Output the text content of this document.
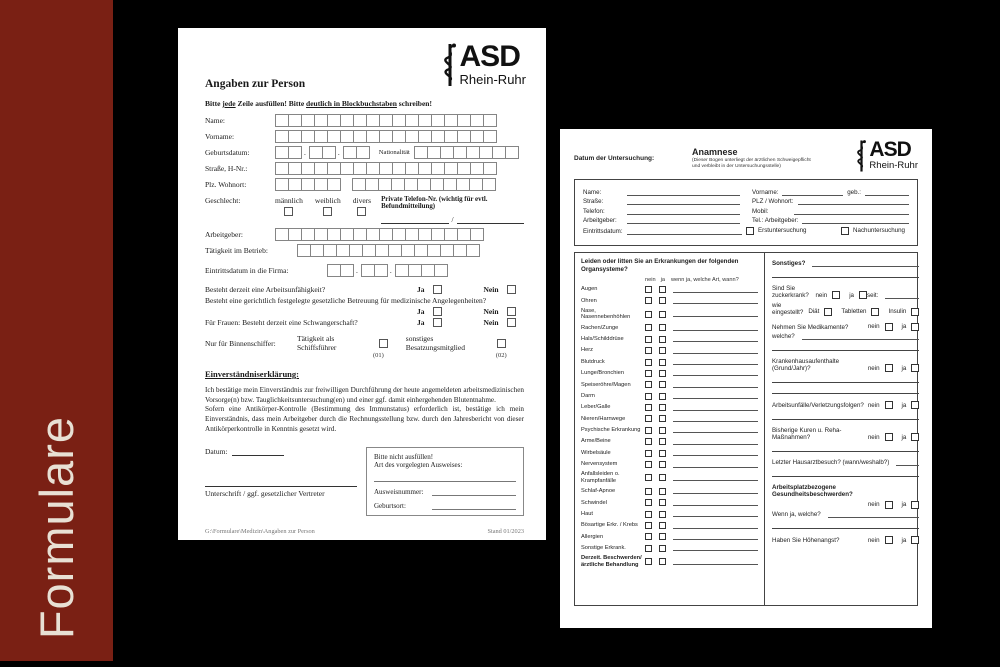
Formulare
ASD
Rhein-Ruhr
Angaben zur Person
Bitte jede Zeile ausfüllen! Bitte deutlich in Blockbuchstaben schreiben!
Name:
Vorname:
Geburtsdatum:	.	.	Nationalität
Straße, H-Nr.:
Plz. Wohnort:
Geschlecht:	männlich weiblich divers Private Telefon-Nr. (wichtig für evtl. Befundmitteilung)
/
Arbeitgeber:
Tätigkeit im Betrieb:
Eintrittsdatum in die Firma:	.	.
Besteht derzeit eine Arbeitsunfähigkeit?	Ja	Nein
Besteht eine gerichtlich festgelegte gesetzliche Betreuung für medizinische Angelegenheiten?
Ja	Nein
Für Frauen: Besteht derzeit eine Schwangerschaft?	Ja	Nein
Nur für Binnenschiffer:	Tätigkeit als Schiffsführer
sonstiges Besatzungsmitglied
(01)	(02)
Einverständniserklärung:

Ich bestätige mein Einverständnis zur freiwilligen Durchführung der heute angemeldeten arbeitsmedizinischen Vorsorge(n) bzw. Tauglichkeitsuntersuchung(en) und einer ggf. damit einhergehenden Blutentnahme.

Sofern eine Antikörper-Kontrolle (Bestimmung des Immunstatus) erforderlich ist, bestätige ich mein Einverständnis, dass mein Arbeitgeber durch die Rechnungsstellung bzw. durch den Jahresbericht von dieser Antikörperkontrolle in Kenntnis gesetzt wird.

Datum:
Unterschrift / ggf. gesetzlicher Vertreter
Bitte nicht ausfüllen!
Art des vorgelegten Ausweises:
Ausweisnummer:
Geburtsort:
G:\Formulare\Medizin\Angaben zur Person	Stand 01/2023
Datum der Untersuchung:
Anamnese
(Dieser Bogen unterliegt der ärztlichen Schweigepflicht und verbleibt in der Untersuchungsstelle)
ASD
Rhein-Ruhr
Name:	Vorname:	geb.:
Straße:	PLZ / Wohnort:
Telefon:	Mobil:
Arbeitgeber:	Tel.: Arbeitgeber:
Eintrittsdatum:	Erstuntersuchung	Nachuntersuchung
Leiden oder litten Sie an Erkrankungen der folgenden Organsysteme?
nein ja wenn ja, welche Art, wann?
Augen
Ohren
Nase, Nasennebenhöhlen
Rachen/Zunge
Hals/Schilddrüse
Herz
Blutdruck
Lunge/Bronchien
Speiseröhre/Magen
Darm
Leber/Galle
Nieren/Harnwege
Psychische Erkrankung
Arme/Beine
Wirbelsäule
Nervensystem
Anfallsleiden o. Krampfanfälle
Schlaf-Apnoe
Schwindel
Haut
Bösartige Erkr. / Krebs
Allergien
Sonstige Erkrank.
Derzeit. Beschwerden/ ärztliche Behandlung
Sonstiges?
Sind Sie zuckerkrank?	nein	ja seit:
wie eingestellt? Diät	Tabletten	Insulin
Nehmen Sie Medikamente?	nein	ja
welche?
Krankenhausaufenthalte (Grund/Jahr)?	nein	ja
Arbeitsunfälle/Verletzungsfolgen? nein	ja
Bisherige Kuren u. Reha-Maßnahmen?	nein	ja
Letzter Hausarztbesuch? (wann/weshalb?)
Arbeitsplatzbezogene Gesundheitsbeschwerden?
nein	ja
Wenn ja, welche?
Haben Sie Höhenangst?	nein	ja
